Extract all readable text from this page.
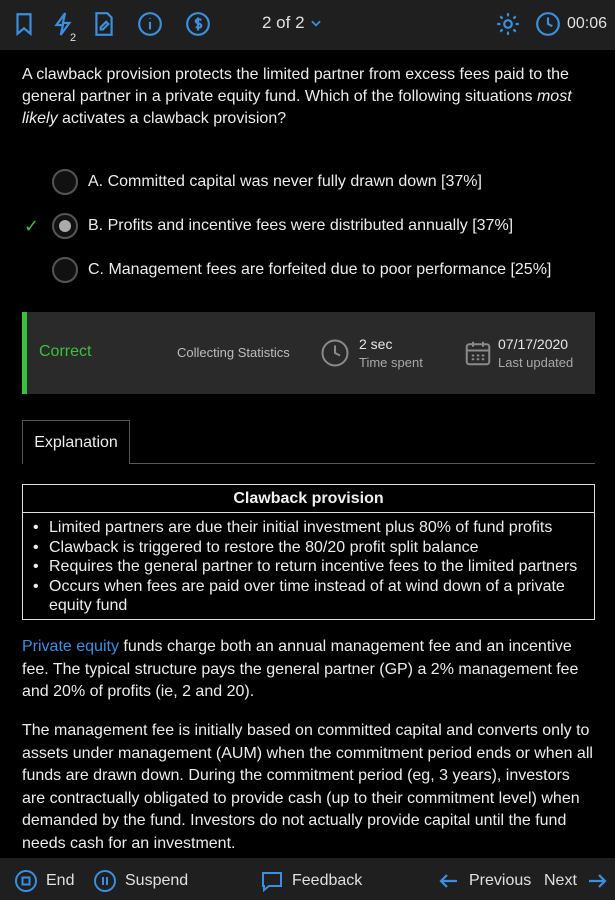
2
2 of 2	00:06
A clawback provision protects the limited partner from excess fees paid to the general partner in a private equity fund. Which of the following situations most likely activates a clawback provision?
A. Committed capital was never fully drawn down [37%]
✓	B. Profits and incentive fees were distributed annually [37%]
C. Management fees are forfeited due to poor performance [25%]
Correct	Collecting Statistics
2 sec
Time spent
07/17/2020
Last updated
Explanation
Clawback provision
• Limited partners are due their initial investment plus 80% of fund profits
• Clawback is triggered to restore the 80/20 profit split balance
• Requires the general partner to return incentive fees to the limited partners
• Occurs when fees are paid over time instead of at wind down of a private equity fund
Private equity funds charge both an annual management fee and an incentive fee. The typical structure pays the general partner (GP) a 2% management fee and 20% of profits (ie, 2 and 20).
The management fee is initially based on committed capital and converts only to assets under management (AUM) when the commitment period ends or when all funds are drawn down. During the commitment period (eg, 3 years), investors are contractually obligated to provide cash (up to their commitment level) when demanded by the fund. Investors do not actually provide capital until the fund needs cash for an investment.
End	Suspend	Feedback	Previous Next
